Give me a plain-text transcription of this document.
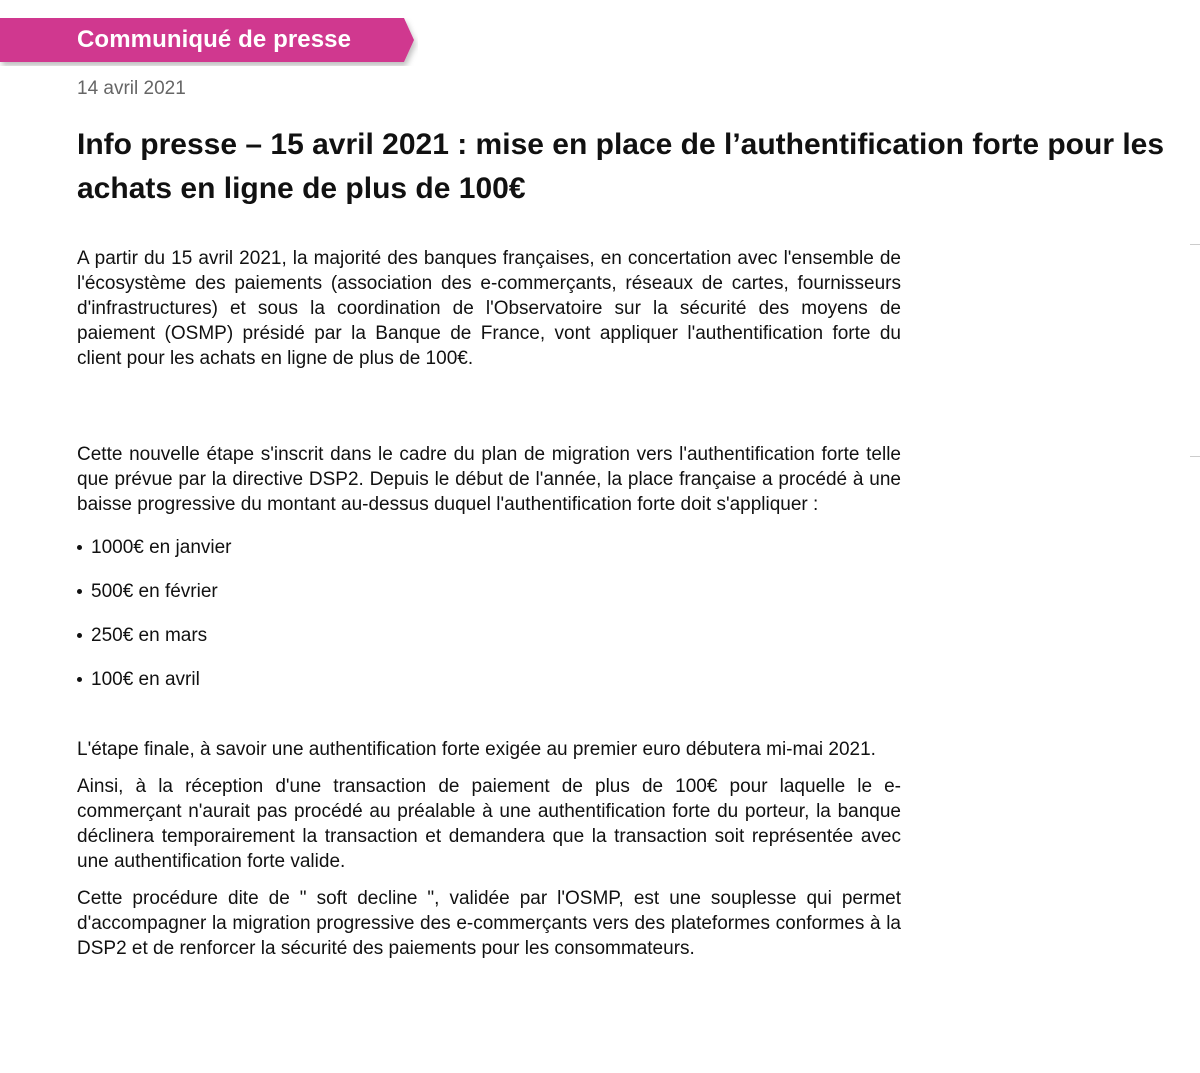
Communiqué de presse
14 avril 2021
Info presse – 15 avril 2021 : mise en place de l’authentification forte pour les achats en ligne de plus de 100€

A partir du 15 avril 2021, la majorité des banques françaises, en concertation avec l'ensemble de l'écosystème des paiements (association des e-commerçants, réseaux de cartes, fournisseurs d'infrastructures) et sous la coordination de l'Observatoire sur la sécurité des moyens de paiement (OSMP) présidé par la Banque de France, vont appliquer l'authentification forte du client pour les achats en ligne de plus de 100€.

Cette nouvelle étape s'inscrit dans le cadre du plan de migration vers l'authentification forte telle que prévue par la directive DSP2. Depuis le début de l'année, la place française a procédé à une baisse progressive du montant au-dessus duquel l'authentification forte doit s'appliquer :

1000€ en janvier
500€ en février
250€ en mars
100€ en avril

L'étape finale, à savoir une authentification forte exigée au premier euro débutera mi-mai 2021.

Ainsi, à la réception d'une transaction de paiement de plus de 100€ pour laquelle le e-commerçant n'aurait pas procédé au préalable à une authentification forte du porteur, la banque déclinera temporairement la transaction et demandera que la transaction soit représentée avec une authentification forte valide.

Cette procédure dite de " soft decline ", validée par l'OSMP, est une souplesse qui permet d'accompagner la migration progressive des e-commerçants vers des plateformes conformes à la DSP2 et de renforcer la sécurité des paiements pour les consommateurs.
